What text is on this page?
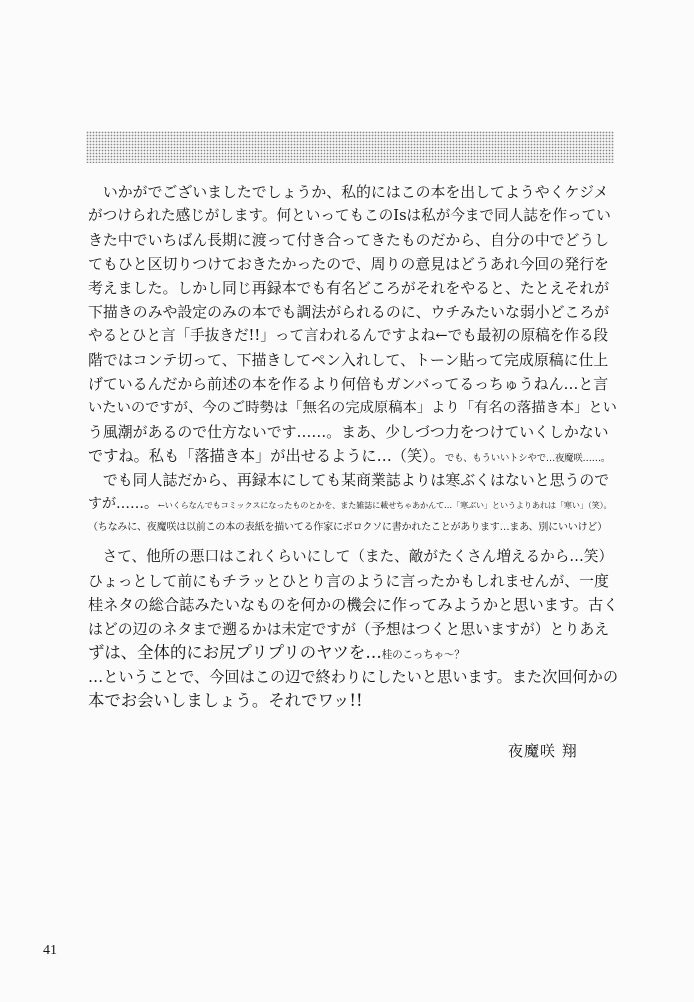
　いかがでございましたでしょうか、私的にはこの本を出してようやくケジメ
がつけられた感じがします。何といってもこのIsは私が今まで同人誌を作ってい
きた中でいちばん長期に渡って付き合ってきたものだから、自分の中でどうし
てもひと区切りつけておきたかったので、周りの意見はどうあれ今回の発行を
考えました。しかし同じ再録本でも有名どころがそれをやると、たとえそれが
下描きのみや設定のみの本でも調法がられるのに、ウチみたいな弱小どころが
やるとひと言「手抜きだ!!」って言われるんですよね←でも最初の原稿を作る段
階ではコンテ切って、下描きしてペン入れして、トーン貼って完成原稿に仕上
げているんだから前述の本を作るより何倍もガンバってるっちゅうねん…と言
いたいのですが、今のご時勢は「無名の完成原稿本」より「有名の落描き本」とい
う風潮があるので仕方ないです……。まあ、少しづつ力をつけていくしかない
ですね。私も「落描き本」が出せるように…（笑）。でも、もういいトシやで…夜魔咲……。
　でも同人誌だから、再録本にしても某商業誌よりは寒ぶくはないと思うので
すが……。←いくらなんでもコミックスになったものとかを、また雑誌に載せちゃあかんて…「寒ぶい」というよりあれは「寒い」（笑）。
（ちなみに、夜魔咲は以前この本の表紙を描いてる作家にボロクソに書かれたことがあります…まあ、別にいいけど）
　さて、他所の悪口はこれくらいにして（また、敵がたくさん増えるから…笑）
ひょっとして前にもチラッとひとり言のように言ったかもしれませんが、一度
桂ネタの総合誌みたいなものを何かの機会に作ってみようかと思います。古く
はどの辺のネタまで遡るかは未定ですが（予想はつくと思いますが）とりあえ
ずは、全体的にお尻プリプリのヤツを…桂のこっちゃ～？
…ということで、今回はこの辺で終わりにしたいと思います。また次回何かの
本でお会いしましょう。それでワッ!!
夜魔咲 翔
41
